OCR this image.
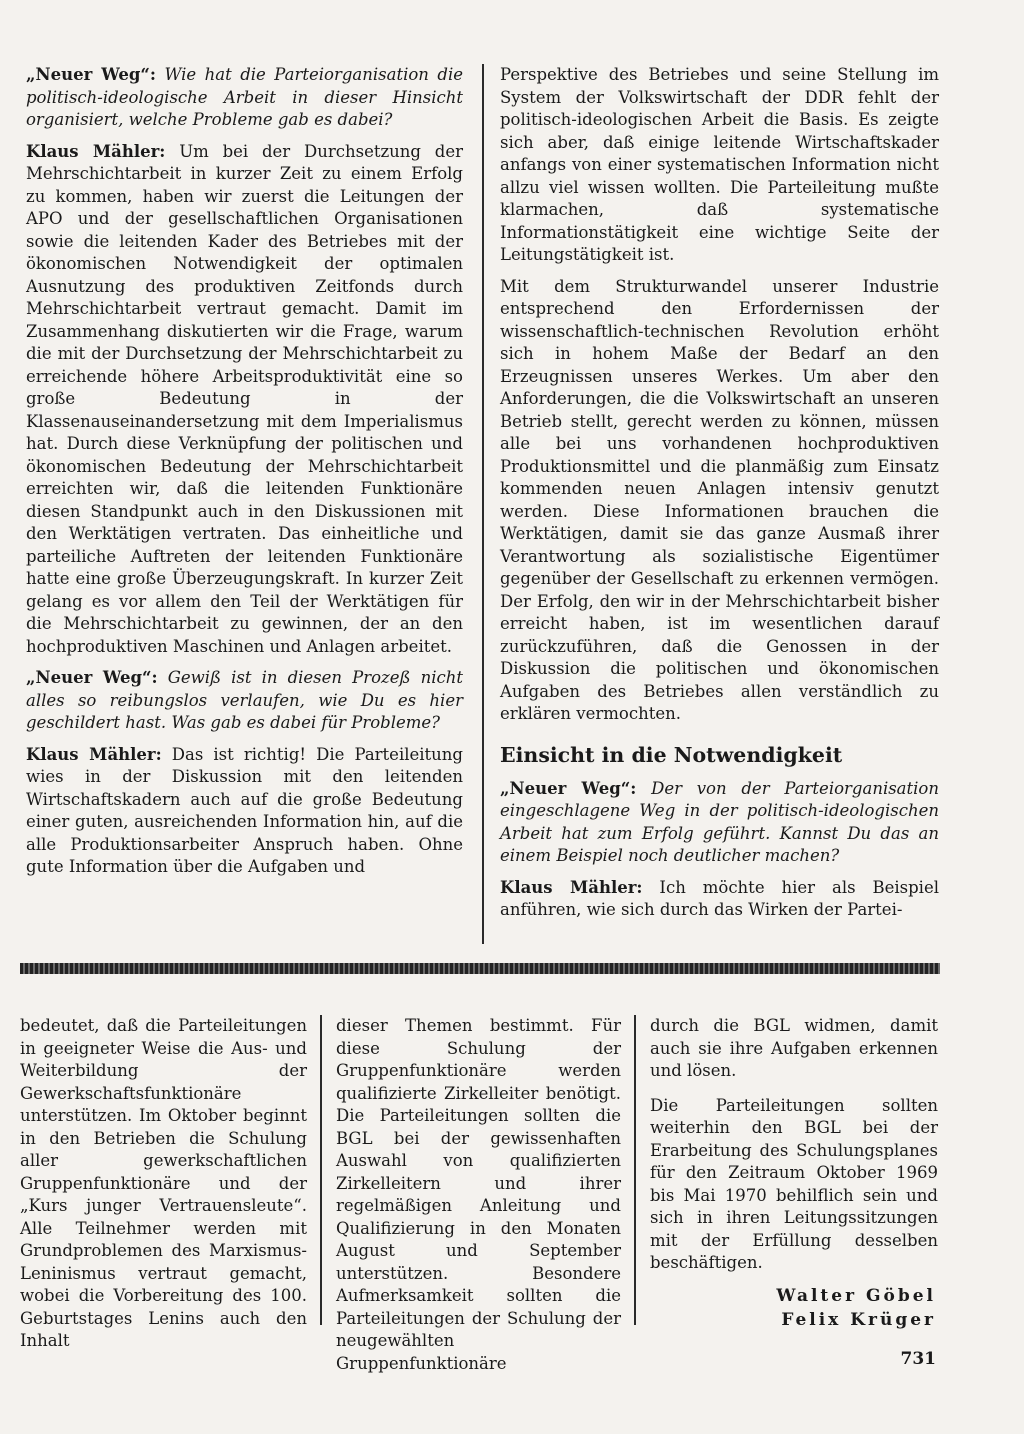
„Neuer Weg“: Wie hat die Parteiorganisation die politisch-ideologische Arbeit in dieser Hinsicht organisiert, welche Probleme gab es dabei?

Klaus Mähler: Um bei der Durchsetzung der Mehrschichtarbeit in kurzer Zeit zu einem Erfolg zu kommen, haben wir zuerst die Leitungen der APO und der gesellschaftlichen Organisationen sowie die leitenden Kader des Betriebes mit der ökonomischen Notwendigkeit der optimalen Ausnutzung des produktiven Zeitfonds durch Mehrschichtarbeit vertraut gemacht. Damit im Zusammenhang diskutierten wir die Frage, warum die mit der Durchsetzung der Mehrschichtarbeit zu erreichende höhere Arbeitsproduktivität eine so große Bedeutung in der Klassenauseinandersetzung mit dem Imperialismus hat. Durch diese Verknüpfung der politischen und ökonomischen Bedeutung der Mehrschichtarbeit erreichten wir, daß die leitenden Funktionäre diesen Standpunkt auch in den Diskussionen mit den Werktätigen vertraten. Das einheitliche und parteiliche Auftreten der leitenden Funktionäre hatte eine große Überzeugungskraft. In kurzer Zeit gelang es vor allem den Teil der Werktätigen für die Mehrschichtarbeit zu gewinnen, der an den hochproduktiven Maschinen und Anlagen arbeitet.

„Neuer Weg“: Gewiß ist in diesen Prozeß nicht alles so reibungslos verlaufen, wie Du es hier geschildert hast. Was gab es dabei für Probleme?

Klaus Mähler: Das ist richtig! Die Parteileitung wies in der Diskussion mit den leitenden Wirtschaftskadern auch auf die große Bedeutung einer guten, ausreichenden Information hin, auf die alle Produktionsarbeiter Anspruch haben. Ohne gute Information über die Aufgaben und

Perspektive des Betriebes und seine Stellung im System der Volkswirtschaft der DDR fehlt der politisch-ideologischen Arbeit die Basis. Es zeigte sich aber, daß einige leitende Wirtschaftskader anfangs von einer systematischen Information nicht allzu viel wissen wollten. Die Parteileitung mußte klarmachen, daß systematische Informationstätigkeit eine wichtige Seite der Leitungstätigkeit ist.

Mit dem Strukturwandel unserer Industrie entsprechend den Erfordernissen der wissenschaftlich-technischen Revolution erhöht sich in hohem Maße der Bedarf an den Erzeugnissen unseres Werkes. Um aber den Anforderungen, die die Volkswirtschaft an unseren Betrieb stellt, gerecht werden zu können, müssen alle bei uns vorhandenen hochproduktiven Produktionsmittel und die planmäßig zum Einsatz kommenden neuen Anlagen intensiv genutzt werden. Diese Informationen brauchen die Werktätigen, damit sie das ganze Ausmaß ihrer Verantwortung als sozialistische Eigentümer gegenüber der Gesellschaft zu erkennen vermögen. Der Erfolg, den wir in der Mehrschichtarbeit bisher erreicht haben, ist im wesentlichen darauf zurückzuführen, daß die Genossen in der Diskussion die politischen und ökonomischen Aufgaben des Betriebes allen verständlich zu erklären vermochten.

Einsicht in die Notwendigkeit

„Neuer Weg“: Der von der Parteiorganisation eingeschlagene Weg in der politisch-ideologischen Arbeit hat zum Erfolg geführt. Kannst Du das an einem Beispiel noch deutlicher machen?

Klaus Mähler: Ich möchte hier als Beispiel anführen, wie sich durch das Wirken der Partei-

bedeutet, daß die Parteileitungen in geeigneter Weise die Aus- und Weiterbildung der Gewerkschaftsfunktionäre unterstützen. Im Oktober beginnt in den Betrieben die Schulung aller gewerkschaftlichen Gruppenfunktionäre und der „Kurs junger Vertrauensleute“. Alle Teilnehmer werden mit Grundproblemen des Marxismus-Leninismus vertraut gemacht, wobei die Vorbereitung des 100. Geburtstages Lenins auch den Inhalt

dieser Themen bestimmt. Für diese Schulung der Gruppenfunktionäre werden qualifizierte Zirkelleiter benötigt. Die Parteileitungen sollten die BGL bei der gewissenhaften Auswahl von qualifizierten Zirkelleitern und ihrer regelmäßigen Anleitung und Qualifizierung in den Monaten August und September unterstützen. Besondere Aufmerksamkeit sollten die Parteileitungen der Schulung der neugewählten Gruppenfunktionäre

durch die BGL widmen, damit auch sie ihre Aufgaben erkennen und lösen.

Die Parteileitungen sollten weiterhin den BGL bei der Erarbeitung des Schulungsplanes für den Zeitraum Oktober 1969 bis Mai 1970 behilflich sein und sich in ihren Leitungssitzungen mit der Erfüllung desselben beschäftigen.

Walter Göbel
Felix Krüger
731
